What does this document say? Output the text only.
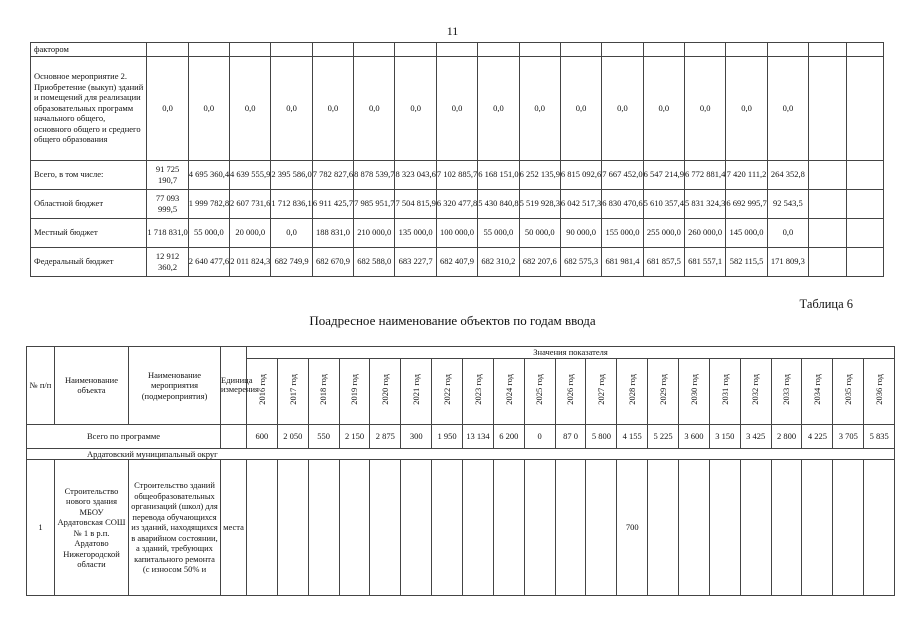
11
фактором																		
Основное мероприятие 2. Приобретение (выкуп) зданий и помещений для реализации образовательных программ начального общего, основного общего и среднего общего образования	0,0	0,0	0,0	0,0	0,0	0,0	0,0	0,0	0,0	0,0	0,0	0,0	0,0	0,0	0,0	0,0		
Всего, в том числе:	91 725 190,7	4 695 360,4	4 639 555,9	2 395 586,0	7 782 827,6	8 878 539,7	8 323 043,6	7 102 885,7	6 168 151,0	6 252 135,9	6 815 092,6	7 667 452,0	6 547 214,9	6 772 881,4	7 420 111,2	264 352,8		
Областной бюджет	77 093 999,5	1 999 782,8	2 607 731,6	1 712 836,1	6 911 425,7	7 985 951,7	7 504 815,9	6 320 477,8	5 430 840,8	5 519 928,3	6 042 517,3	6 830 470,6	5 610 357,4	5 831 324,3	6 692 995,7	92 543,5		
Местный бюджет	1 718 831,0	55 000,0	20 000,0	0,0	188 831,0	210 000,0	135 000,0	100 000,0	55 000,0	50 000,0	90 000,0	155 000,0	255 000,0	260 000,0	145 000,0	0,0		
Федеральный бюджет	12 912 360,2	2 640 477,6	2 011 824,3	682 749,9	682 670,9	682 588,0	683 227,7	682 407,9	682 310,2	682 207,6	682 575,3	681 981,4	681 857,5	681 557,1	582 115,5	171 809,3		
Таблица 6
Поадресное наименование объектов по годам ввода
№ п/п	Наименование объекта	Наименование мероприятия (подмероприятия)	Единица измерения	Значения показателя																				
				2016 год	2017 год	2018 год	2019 год	2020 год	2021 год	2022 год	2023 год	2024 год	2025 год	2026 год	2027 год	2028 год	2029 год	2030 год	2031 год	2032 год	2033 год	2034 год	2035 год	2036 год
Всего по программе				600	2 050	550	2 150	2 875	300	1 950	13 134	6 200	0	87 0	5 800	4 155	5 225	3 600	3 150	3 425	2 800	4 225	3 705	5 835
Ардатовский муниципальный округ																								
1	Строительство нового здания МБОУ Ардатовская СОШ № 1 в р.п. Ардатово Нижегородской области	Строительство зданий общеобразовательных организаций (школ) для перевода обучающихся из зданий, находящихся в аварийном состоянии, а зданий, требующих капитального ремонта (с износом 50% и	места													700								
